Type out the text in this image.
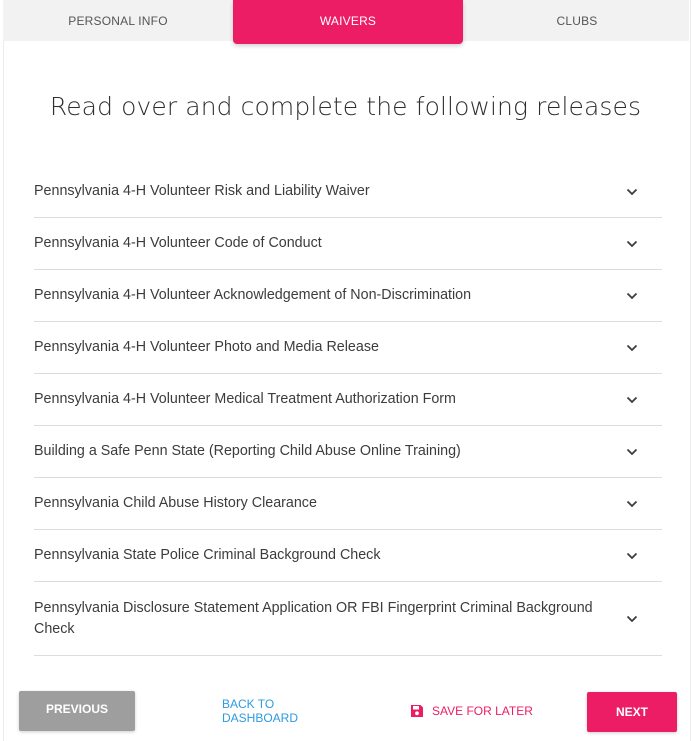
PERSONAL INFO	WAIVERS	CLUBS
Read over and complete the following releases
Pennsylvania 4-H Volunteer Risk and Liability Waiver
Pennsylvania 4-H Volunteer Code of Conduct
Pennsylvania 4-H Volunteer Acknowledgement of Non-Discrimination
Pennsylvania 4-H Volunteer Photo and Media Release
Pennsylvania 4-H Volunteer Medical Treatment Authorization Form
Building a Safe Penn State (Reporting Child Abuse Online Training)
Pennsylvania Child Abuse History Clearance
Pennsylvania State Police Criminal Background Check
Pennsylvania Disclosure Statement Application OR FBI Fingerprint Criminal Background Check
PREVIOUS	BACK TO DASHBOARD	SAVE FOR LATER	NEXT
